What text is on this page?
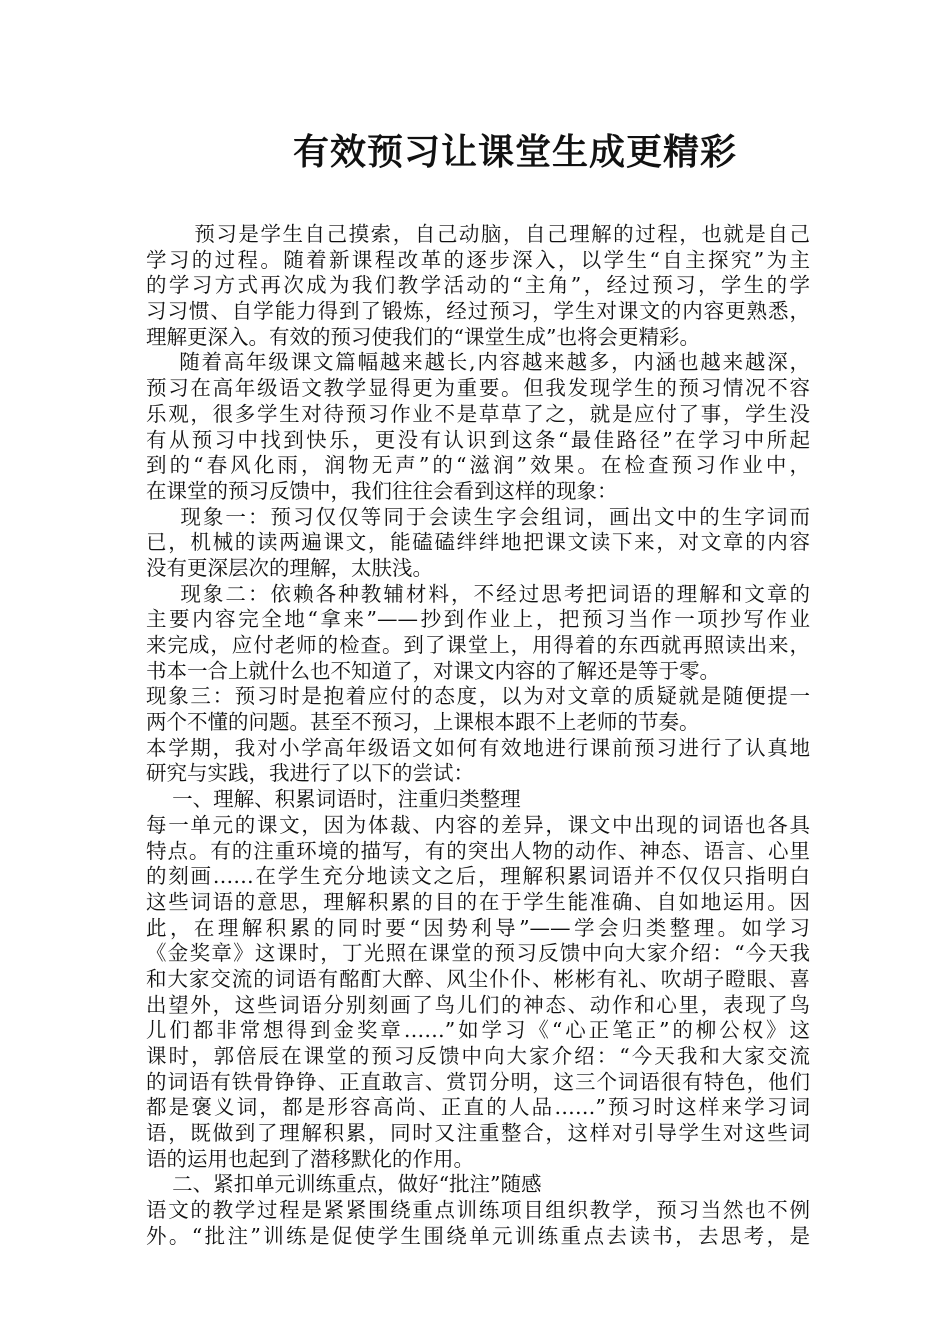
有效预习让课堂生成更精彩
预习是学生自己摸索，自己动脑，自己理解的过程，也就是自己
学习的过程。随着新课程改革的逐步深入，以学生“自主探究”为主
的学习方式再次成为我们教学活动的“主角”，经过预习，学生的学
习习惯、自学能力得到了锻炼，经过预习，学生对课文的内容更熟悉，
理解更深入。有效的预习使我们的“课堂生成”也将会更精彩。
随着高年级课文篇幅越来越长,内容越来越多，内涵也越来越深，
预习在高年级语文教学显得更为重要。但我发现学生的预习情况不容
乐观，很多学生对待预习作业不是草草了之，就是应付了事，学生没
有从预习中找到快乐，更没有认识到这条“最佳路径”在学习中所起
到的“春风化雨，润物无声”的“滋润”效果。在检查预习作业中，
在课堂的预习反馈中，我们往往会看到这样的现象：
现象一：预习仅仅等同于会读生字会组词，画出文中的生字词而
已，机械的读两遍课文，能磕磕绊绊地把课文读下来，对文章的内容
没有更深层次的理解，太肤浅。
现象二：依赖各种教辅材料，不经过思考把词语的理解和文章的
主要内容完全地“拿来”——抄到作业上，把预习当作一项抄写作业
来完成，应付老师的检查。到了课堂上，用得着的东西就再照读出来，
书本一合上就什么也不知道了，对课文内容的了解还是等于零。
现象三：预习时是抱着应付的态度，以为对文章的质疑就是随便提一
两个不懂的问题。甚至不预习，上课根本跟不上老师的节奏。
本学期，我对小学高年级语文如何有效地进行课前预习进行了认真地
研究与实践，我进行了以下的尝试：
一、理解、积累词语时，注重归类整理
每一单元的课文，因为体裁、内容的差异，课文中出现的词语也各具
特点。有的注重环境的描写，有的突出人物的动作、神态、语言、心里
的刻画……在学生充分地读文之后，理解积累词语并不仅仅只指明白
这些词语的意思，理解积累的目的在于学生能准确、自如地运用。因
此，在理解积累的同时要“因势利导”——学会归类整理。如学习
《金奖章》这课时，丁光照在课堂的预习反馈中向大家介绍：“今天我
和大家交流的词语有酩酊大醉、风尘仆仆、彬彬有礼、吹胡子瞪眼、喜
出望外，这些词语分别刻画了鸟儿们的神态、动作和心里，表现了鸟
儿们都非常想得到金奖章……”如学习《“心正笔正”的柳公权》这
课时，郭倍辰在课堂的预习反馈中向大家介绍：“今天我和大家交流
的词语有铁骨铮铮、正直敢言、赏罚分明，这三个词语很有特色，他们
都是褒义词，都是形容高尚、正直的人品……”预习时这样来学习词
语，既做到了理解积累，同时又注重整合，这样对引导学生对这些词
语的运用也起到了潜移默化的作用。
二、紧扣单元训练重点，做好“批注”随感
语文的教学过程是紧紧围绕重点训练项目组织教学，预习当然也不例
外。“批注”训练是促使学生围绕单元训练重点去读书，去思考，是
